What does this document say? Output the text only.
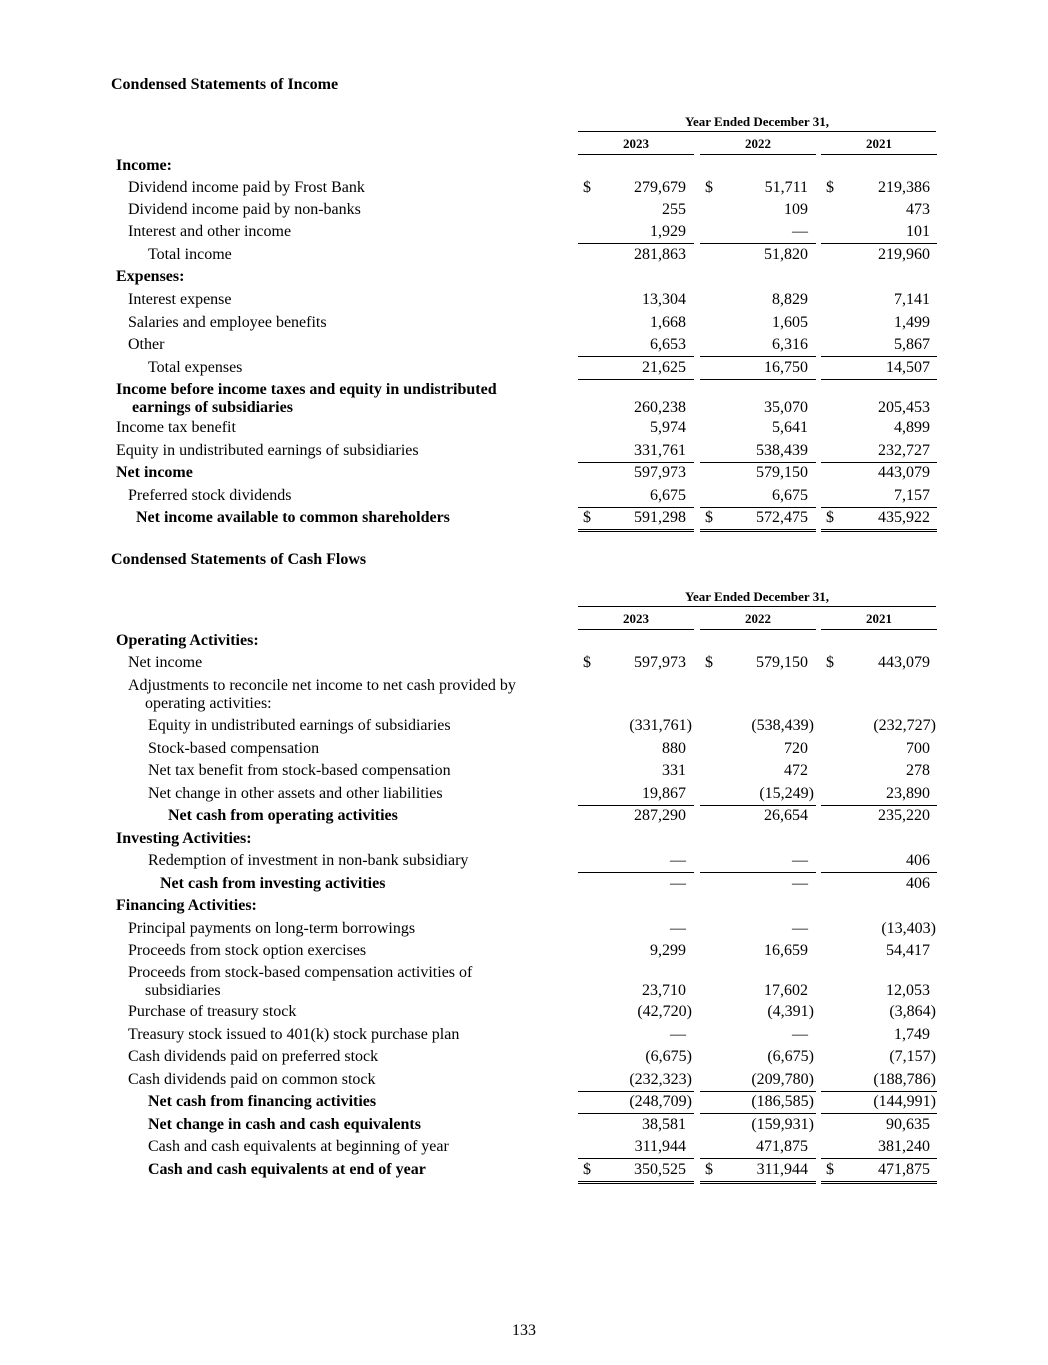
Condensed Statements of Income
Year Ended December 31,
2023	2022	2021
Income:
Dividend income paid by Frost Bank	$	279,679 $	51,711 $	219,386
Dividend income paid by non-banks	255	109	473
Interest and other income	1,929	—	101
Total income	281,863	51,820	219,960
Expenses:
Interest expense	13,304	8,829	7,141
Salaries and employee benefits	1,668	1,605	1,499
Other	6,653	6,316	5,867
Total expenses	21,625	16,750	14,507
Income before income taxes and equity in undistributed
earnings of subsidiaries	260,238	35,070	205,453
Income tax benefit	5,974	5,641	4,899
Equity in undistributed earnings of subsidiaries	331,761	538,439	232,727
Net income	597,973	579,150	443,079
Preferred stock dividends	6,675	6,675	7,157
Net income available to common shareholders	$	591,298 $	572,475 $	435,922
Condensed Statements of Cash Flows
Year Ended December 31,
2023	2022	2021
Operating Activities:
Net income	$	597,973 $	579,150 $	443,079
Adjustments to reconcile net income to net cash provided by
operating activities:
Equity in undistributed earnings of subsidiaries	(331,761)	(538,439)	(232,727)
Stock-based compensation	880	720	700
Net tax benefit from stock-based compensation	331	472	278
Net change in other assets and other liabilities	19,867	(15,249)	23,890
Net cash from operating activities	287,290	26,654	235,220
Investing Activities:
Redemption of investment in non-bank subsidiary	—	—	406
Net cash from investing activities	—	—	406
Financing Activities:
Principal payments on long-term borrowings	—	—	(13,403)
Proceeds from stock option exercises	9,299	16,659	54,417
Proceeds from stock-based compensation activities of
subsidiaries	23,710	17,602	12,053
Purchase of treasury stock	(42,720)	(4,391)	(3,864)
Treasury stock issued to 401(k) stock purchase plan	—	—	1,749
Cash dividends paid on preferred stock	(6,675)	(6,675)	(7,157)
Cash dividends paid on common stock	(232,323)	(209,780)	(188,786)
Net cash from financing activities	(248,709)	(186,585)	(144,991)
Net change in cash and cash equivalents	38,581	(159,931)	90,635
Cash and cash equivalents at beginning of year	311,944	471,875	381,240
Cash and cash equivalents at end of year	$	350,525 $	311,944 $	471,875
133
